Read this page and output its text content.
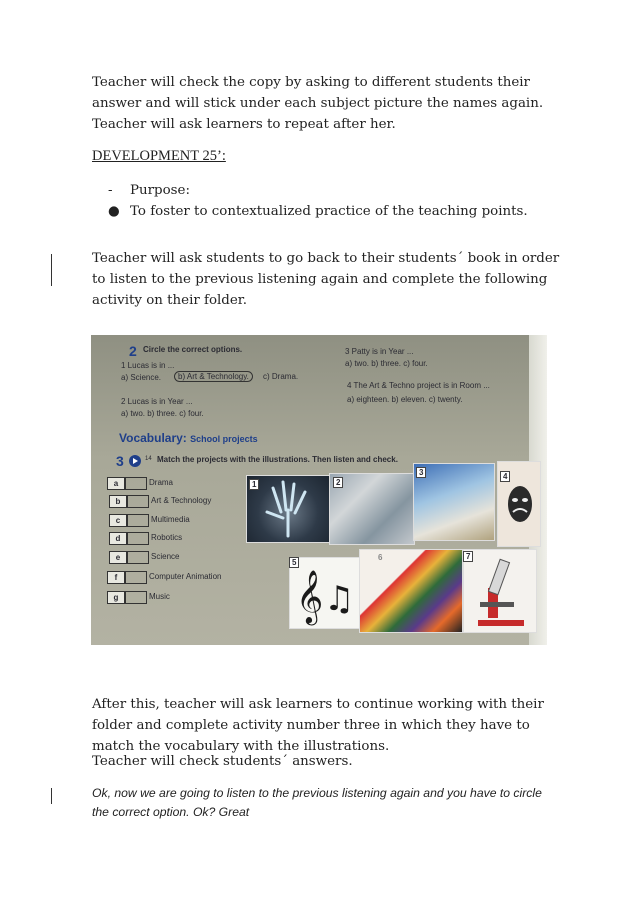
Teacher will check the copy by asking to different students their answer and will stick under each subject picture the names again. Teacher will ask learners to repeat after her.

DEVELOPMENT 25’:

-	Purpose:
● To foster to contextualized practice of the teaching points.

Teacher will ask students to go back to their students´ book in order to listen to the previous listening again and complete the following activity on their folder.

2 Circle the correct options.
1 Lucas is in ...
a) Science.	b) Art & Technology.	c) Drama.
2 Lucas is in Year ...
a) two. b) three. c) four.
3 Patty is in Year ...
a) two. b) three. c) four.
4 The Art & Techno project is in Room ...
a) eighteen. b) eleven. c) twenty.
Vocabulary: School projects
3	14 Match the projects with the illustrations. Then listen and check.
a	Drama
b	Art & Technology
c	Multimedia
d	Robotics
e	Science
f	Computer Animation
g	Music
1	2
3	4
𝄞 ♫
5
6	7

After this, teacher will ask learners to continue working with their folder and complete activity number three in which they have to match the vocabulary with the illustrations.

Teacher will check students´ answers.

Ok, now we are going to listen to the previous listening again and you have to circle the correct option. Ok? Great
